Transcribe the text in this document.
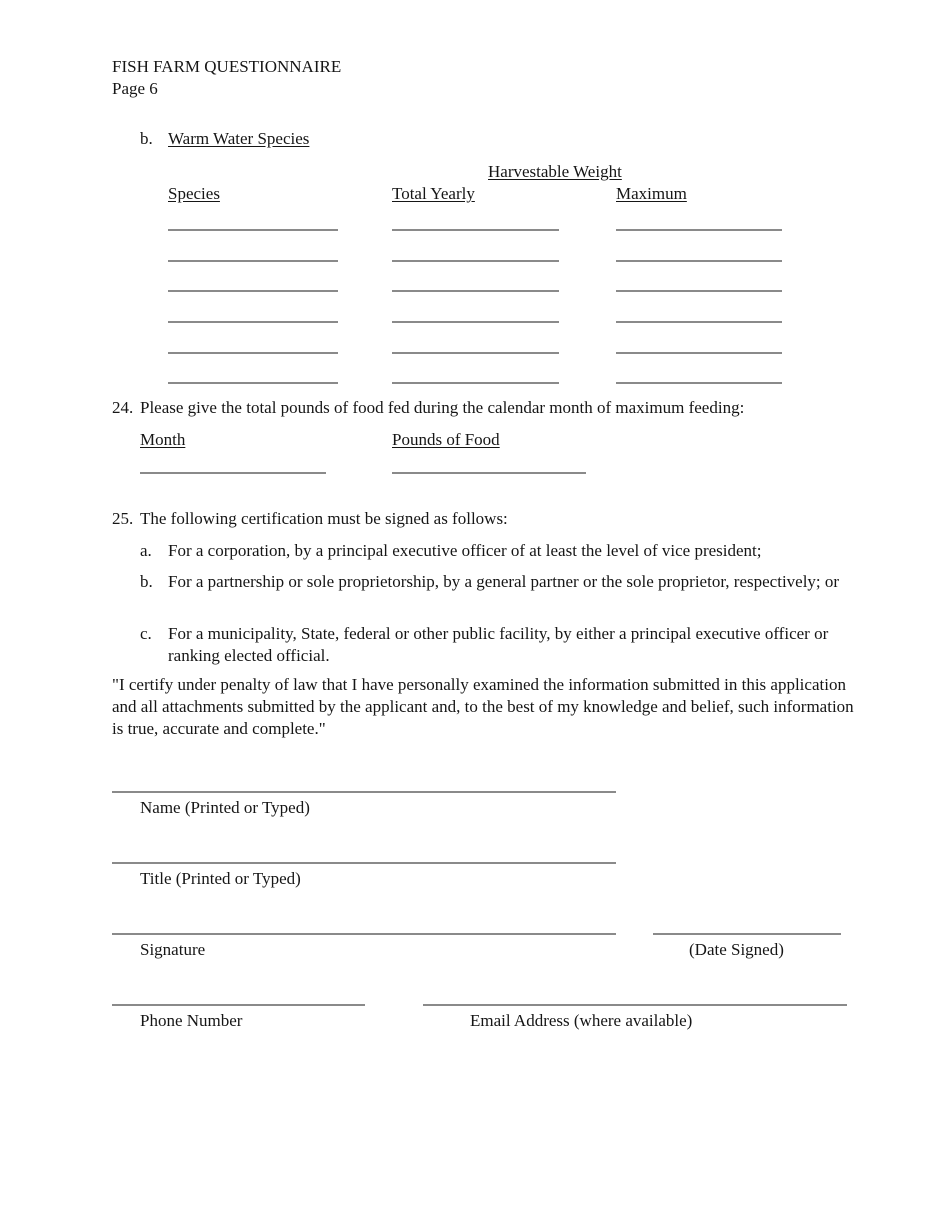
FISH FARM QUESTIONNAIRE
Page 6
b. Warm Water Species
Harvestable Weight
Species	Total Yearly	Maximum
24. Please give the total pounds of food fed during the calendar month of maximum feeding:
Month	Pounds of Food
25. The following certification must be signed as follows:
a. For a corporation, by a principal executive officer of at least the level of vice president;
b. For a partnership or sole proprietorship, by a general partner or the sole proprietor, respectively; or
c. For a municipality, State, federal or other public facility, by either a principal executive officer or ranking elected official.
"I certify under penalty of law that I have personally examined the information submitted in this application and all attachments submitted by the applicant and, to the best of my knowledge and belief, such information is true, accurate and complete."
Name (Printed or Typed)
Title (Printed or Typed)
Signature	(Date Signed)
Phone Number	Email Address (where available)
